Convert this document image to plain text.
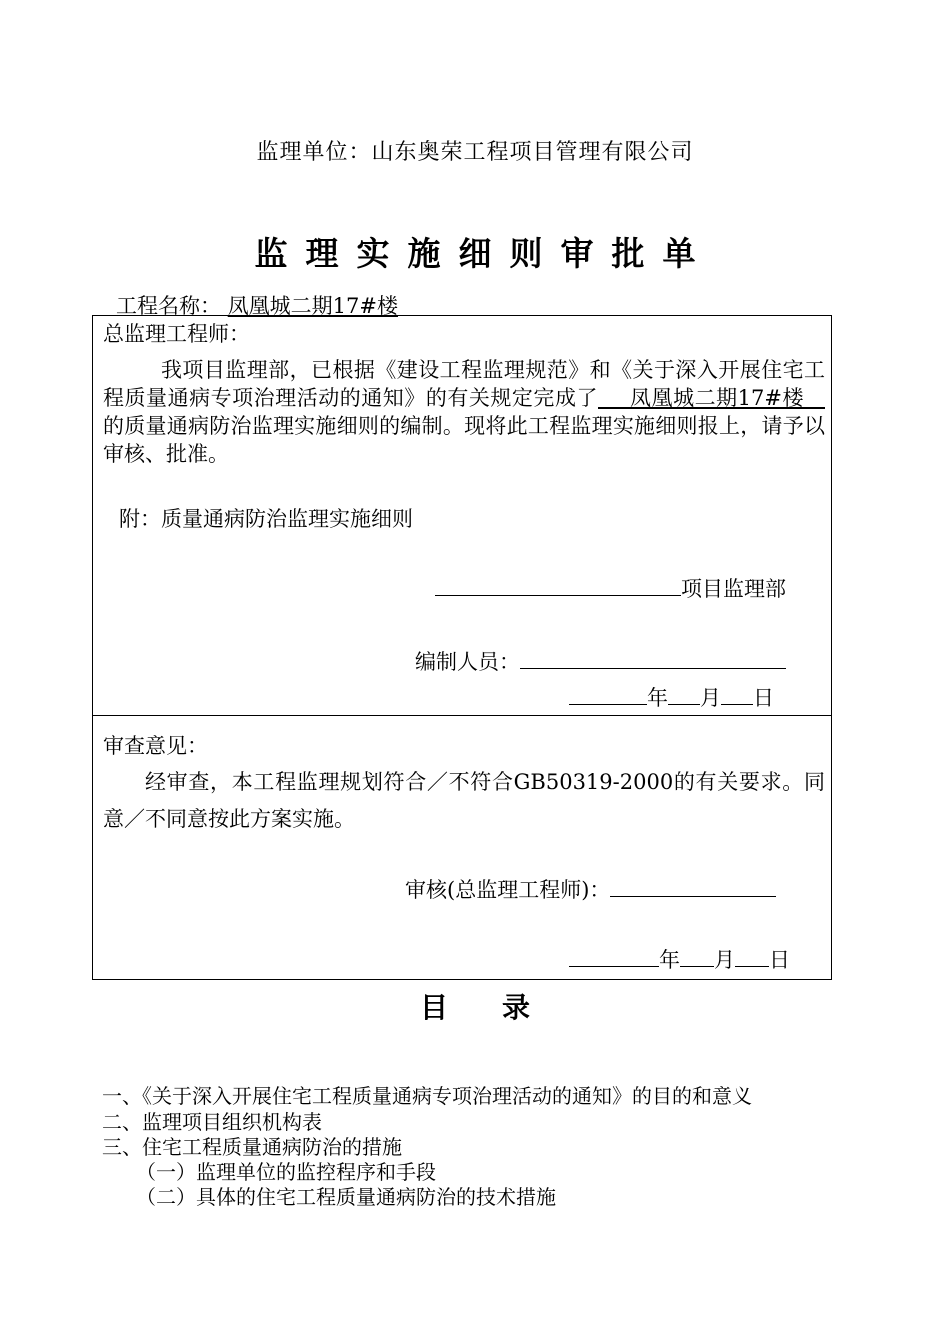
监理单位：山东奥荣工程项目管理有限公司
监理实施细则审批单
工程名称： 凤凰城二期17#楼
总监理工程师：
我项目监理部，已根据《建设工程监理规范》和《关于深入开展住宅工程质量通病专项治理活动的通知》的有关规定完成了   凤凰城二期17#楼 的质量通病防治监理实施细则的编制。现将此工程监理实施细则报上，请予以审核、批准。
附：质量通病防治监理实施细则
项目监理部
编制人员：
年 月 日
审查意见：
经审查，本工程监理规划符合／不符合GB50319-2000的有关要求。同意／不同意按此方案实施。
审核(总监理工程师)：
年 月 日
目录
一、《关于深入开展住宅工程质量通病专项治理活动的通知》的目的和意义
二、监理项目组织机构表
三、住宅工程质量通病防治的措施
（一）监理单位的监控程序和手段
（二）具体的住宅工程质量通病防治的技术措施
